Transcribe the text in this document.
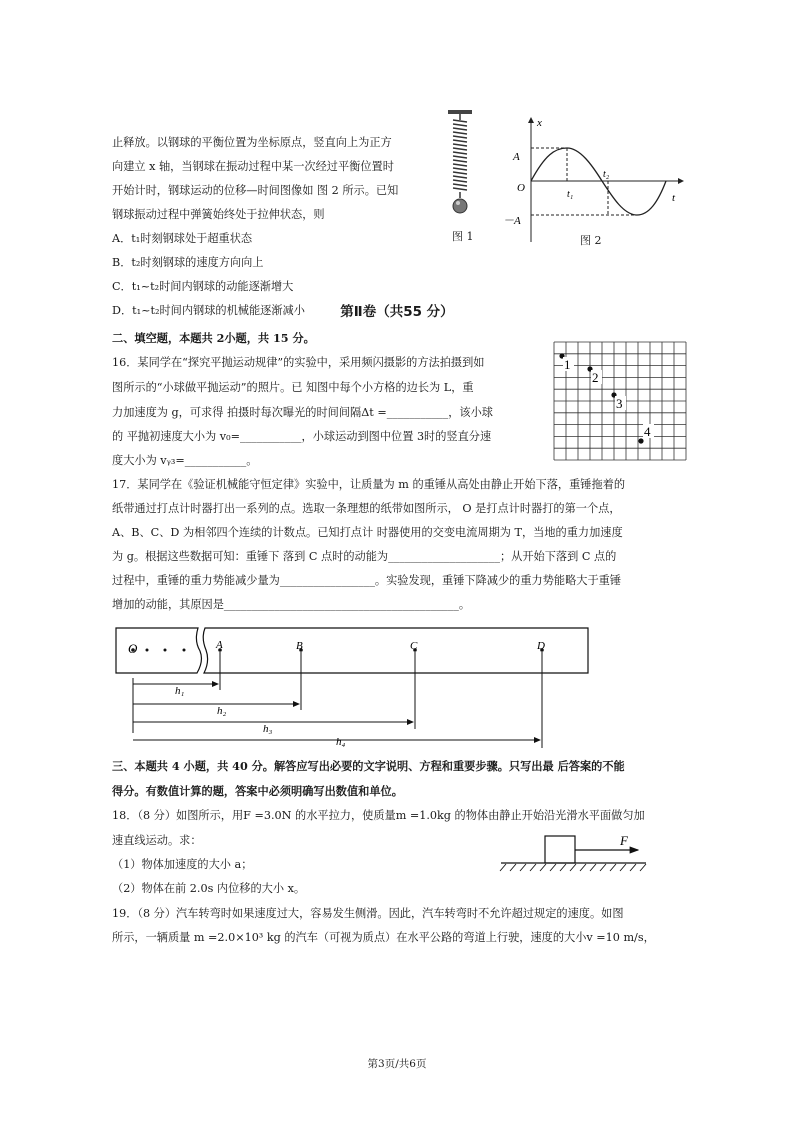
止释放。以钢球的平衡位置为坐标原点，竖直向上为正方
向建立 x 轴，当钢球在振动过程中某一次经过平衡位置时
开始计时，钢球运动的位移—时间图像如 图 2 所示。已知
钢球振动过程中弹簧始终处于拉伸状态，则
A．t₁时刻钢球处于超重状态
B．t₂时刻钢球的速度方向向上
C．t₁~t₂时间内钢球的动能逐渐增大
D．t₁~t₂时间内钢球的机械能逐渐减小
图 1
x
t
A
－A
O
t₁
t₂
图 2
第Ⅱ卷（共55 分）
二、填空题，本题共 2小题，共 15 分。
16．某同学在“探究平抛运动规律”的实验中，采用频闪摄影的方法拍摄到如
图所示的“小球做平抛运动”的照片。已 知图中每个小方格的边长为 L，重
力加速度为 g，可求得 拍摄时每次曝光的时间间隔Δt =___________，该小球
的 平抛初速度大小为 v₀=___________，小球运动到图中位置 3时的竖直分速
度大小为 vᵧ₃=___________。
1
2
3
4
17．某同学在《验证机械能守恒定律》实验中，让质量为 m 的重锤从高处由静止开始下落，重锤拖着的
纸带通过打点计时器打出一系列的点。选取一条理想的纸带如图所示， O 是打点计时器打的第一个点，
A、B、C、D 为相邻四个连续的计数点。已知打点计 时器使用的交变电流周期为 T，当地的重力加速度
为 g。根据这些数据可知：重锤下 落到 C 点时的动能为____________________；从开始下落到 C 点的
过程中，重锤的重力势能减少量为_________________。实验发现，重锤下降减少的重力势能略大于重锤
增加的动能，其原因是__________________________________________。
O	A	B	C	D
h₁
h₂
h₃
h₄
三、本题共 4 小题，共 40 分。解答应写出必要的文字说明、方程和重要步骤。只写出最 后答案的不能
得分。有数值计算的题，答案中必须明确写出数值和单位。
18．（8 分）如图所示，用F =3.0N 的水平拉力，使质量m =1.0kg 的物体由静止开始沿光滑水平面做匀加
速直线运动。求：
（1）物体加速度的大小 a；
（2）物体在前 2.0s 内位移的大小 x。
F
19．（8 分）汽车转弯时如果速度过大，容易发生侧滑。因此，汽车转弯时不允许超过规定的速度。如图
所示，一辆质量 m =2.0×10³ kg 的汽车（可视为质点）在水平公路的弯道上行驶，速度的大小v =10 m/s，
第3页/共6页
